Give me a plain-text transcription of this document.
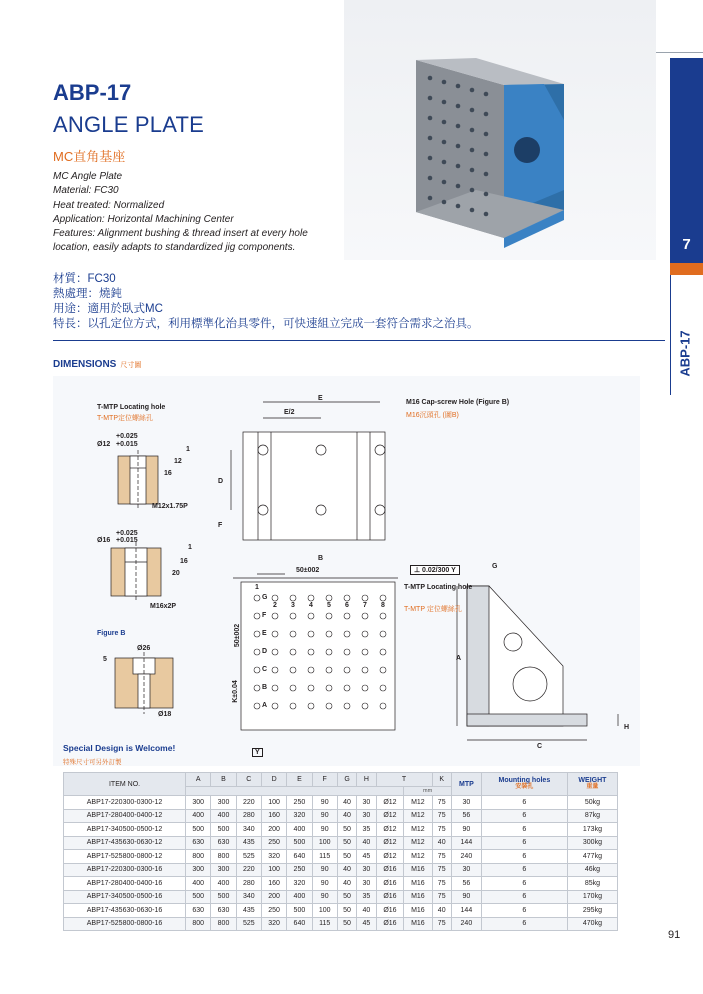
7
ABP-17
ABP-17
ANGLE PLATE
MC直角基座
MC Angle Plate
Material: FC30
Heat treated: Normalized
Application: Horizontal Machining Center
Features: Alignment bushing & thread insert at every hole
location, easily adapts to standardized jig components.
材質：FC30
熱處理：燒鈍
用途：適用於臥式MC
特長：以孔定位方式，利用標準化治具零件，可快速組立完成一套符合需求之治具。
DIMENSIONS 尺寸圖
T-MTP Locating hole
T-MTP定位螺絲孔
+0.025
Ø12 +0.015
16
12
1
M12x1.75P
+0.025
Ø16 +0.015
20
16
1
M16x2P
Figure B
Ø26
5
Ø18
M16 Cap-screw Hole (Figure B)
M16沉頭孔 (圖B)
E
E/2
D
F
B
50±002
50±002
K±0.04
Y
1
2 3 4 5 6 7 8
G
F
E
D
C
B
A
⊥ 0.02/300 Y
G
T-MTP Locating hole
T-MTP 定位螺絲孔
A
C
H
Special Design is Welcome!
特殊尺寸可另外訂製
ITEM NO.	A	B	C	D	E	F	G	H	T		K	MTP	Mounting holes
安裝孔	WEIGHT
重量

										mm				
ABP17-220300-0300-12	300	300	220	100	250	90	40	30	Ø12	M12	75	30	6	50kg
ABP17-280400-0400-12	400	400	280	160	320	90	40	30	Ø12	M12	75	56	6	87kg
ABP17-340500-0500-12	500	500	340	200	400	90	50	35	Ø12	M12	75	90	6	173kg
ABP17-435630-0630-12	630	630	435	250	500	100	50	40	Ø12	M12	40	144	6	300kg
ABP17-525800-0800-12	800	800	525	320	640	115	50	45	Ø12	M12	75	240	6	477kg
ABP17-220300-0300-16	300	300	220	100	250	90	40	30	Ø16	M16	75	30	6	46kg
ABP17-280400-0400-16	400	400	280	160	320	90	40	30	Ø16	M16	75	56	6	85kg
ABP17-340500-0500-16	500	500	340	200	400	90	50	35	Ø16	M16	75	90	6	170kg
ABP17-435630-0630-16	630	630	435	250	500	100	50	40	Ø16	M16	40	144	6	295kg
ABP17-525800-0800-16	800	800	525	320	640	115	50	45	Ø16	M16	75	240	6	470kg
91
